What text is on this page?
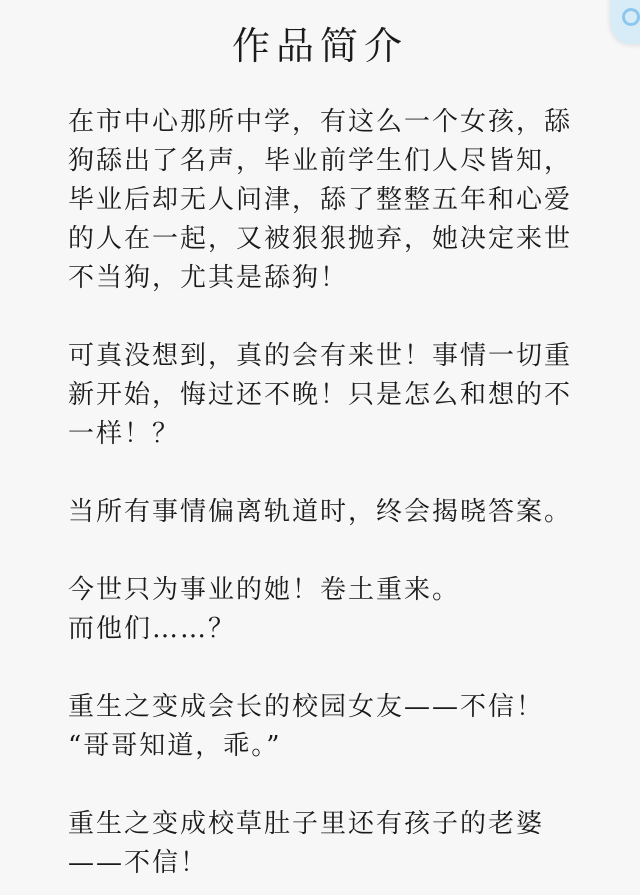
作品简介

在市中心那所中学，有这么一个女孩，舔狗舔出了名声，毕业前学生们人尽皆知，毕业后却无人问津，舔了整整五年和心爱的人在一起，又被狠狠抛弃，她决定来世不当狗，尤其是舔狗！

可真没想到，真的会有来世！事情一切重新开始，悔过还不晚！只是怎么和想的不一样！？

当所有事情偏离轨道时，终会揭晓答案。

今世只为事业的她！卷土重来。
而他们……？

重生之变成会长的校园女友——不信！
“哥哥知道，乖。”

重生之变成校草肚子里还有孩子的老婆——不信！
